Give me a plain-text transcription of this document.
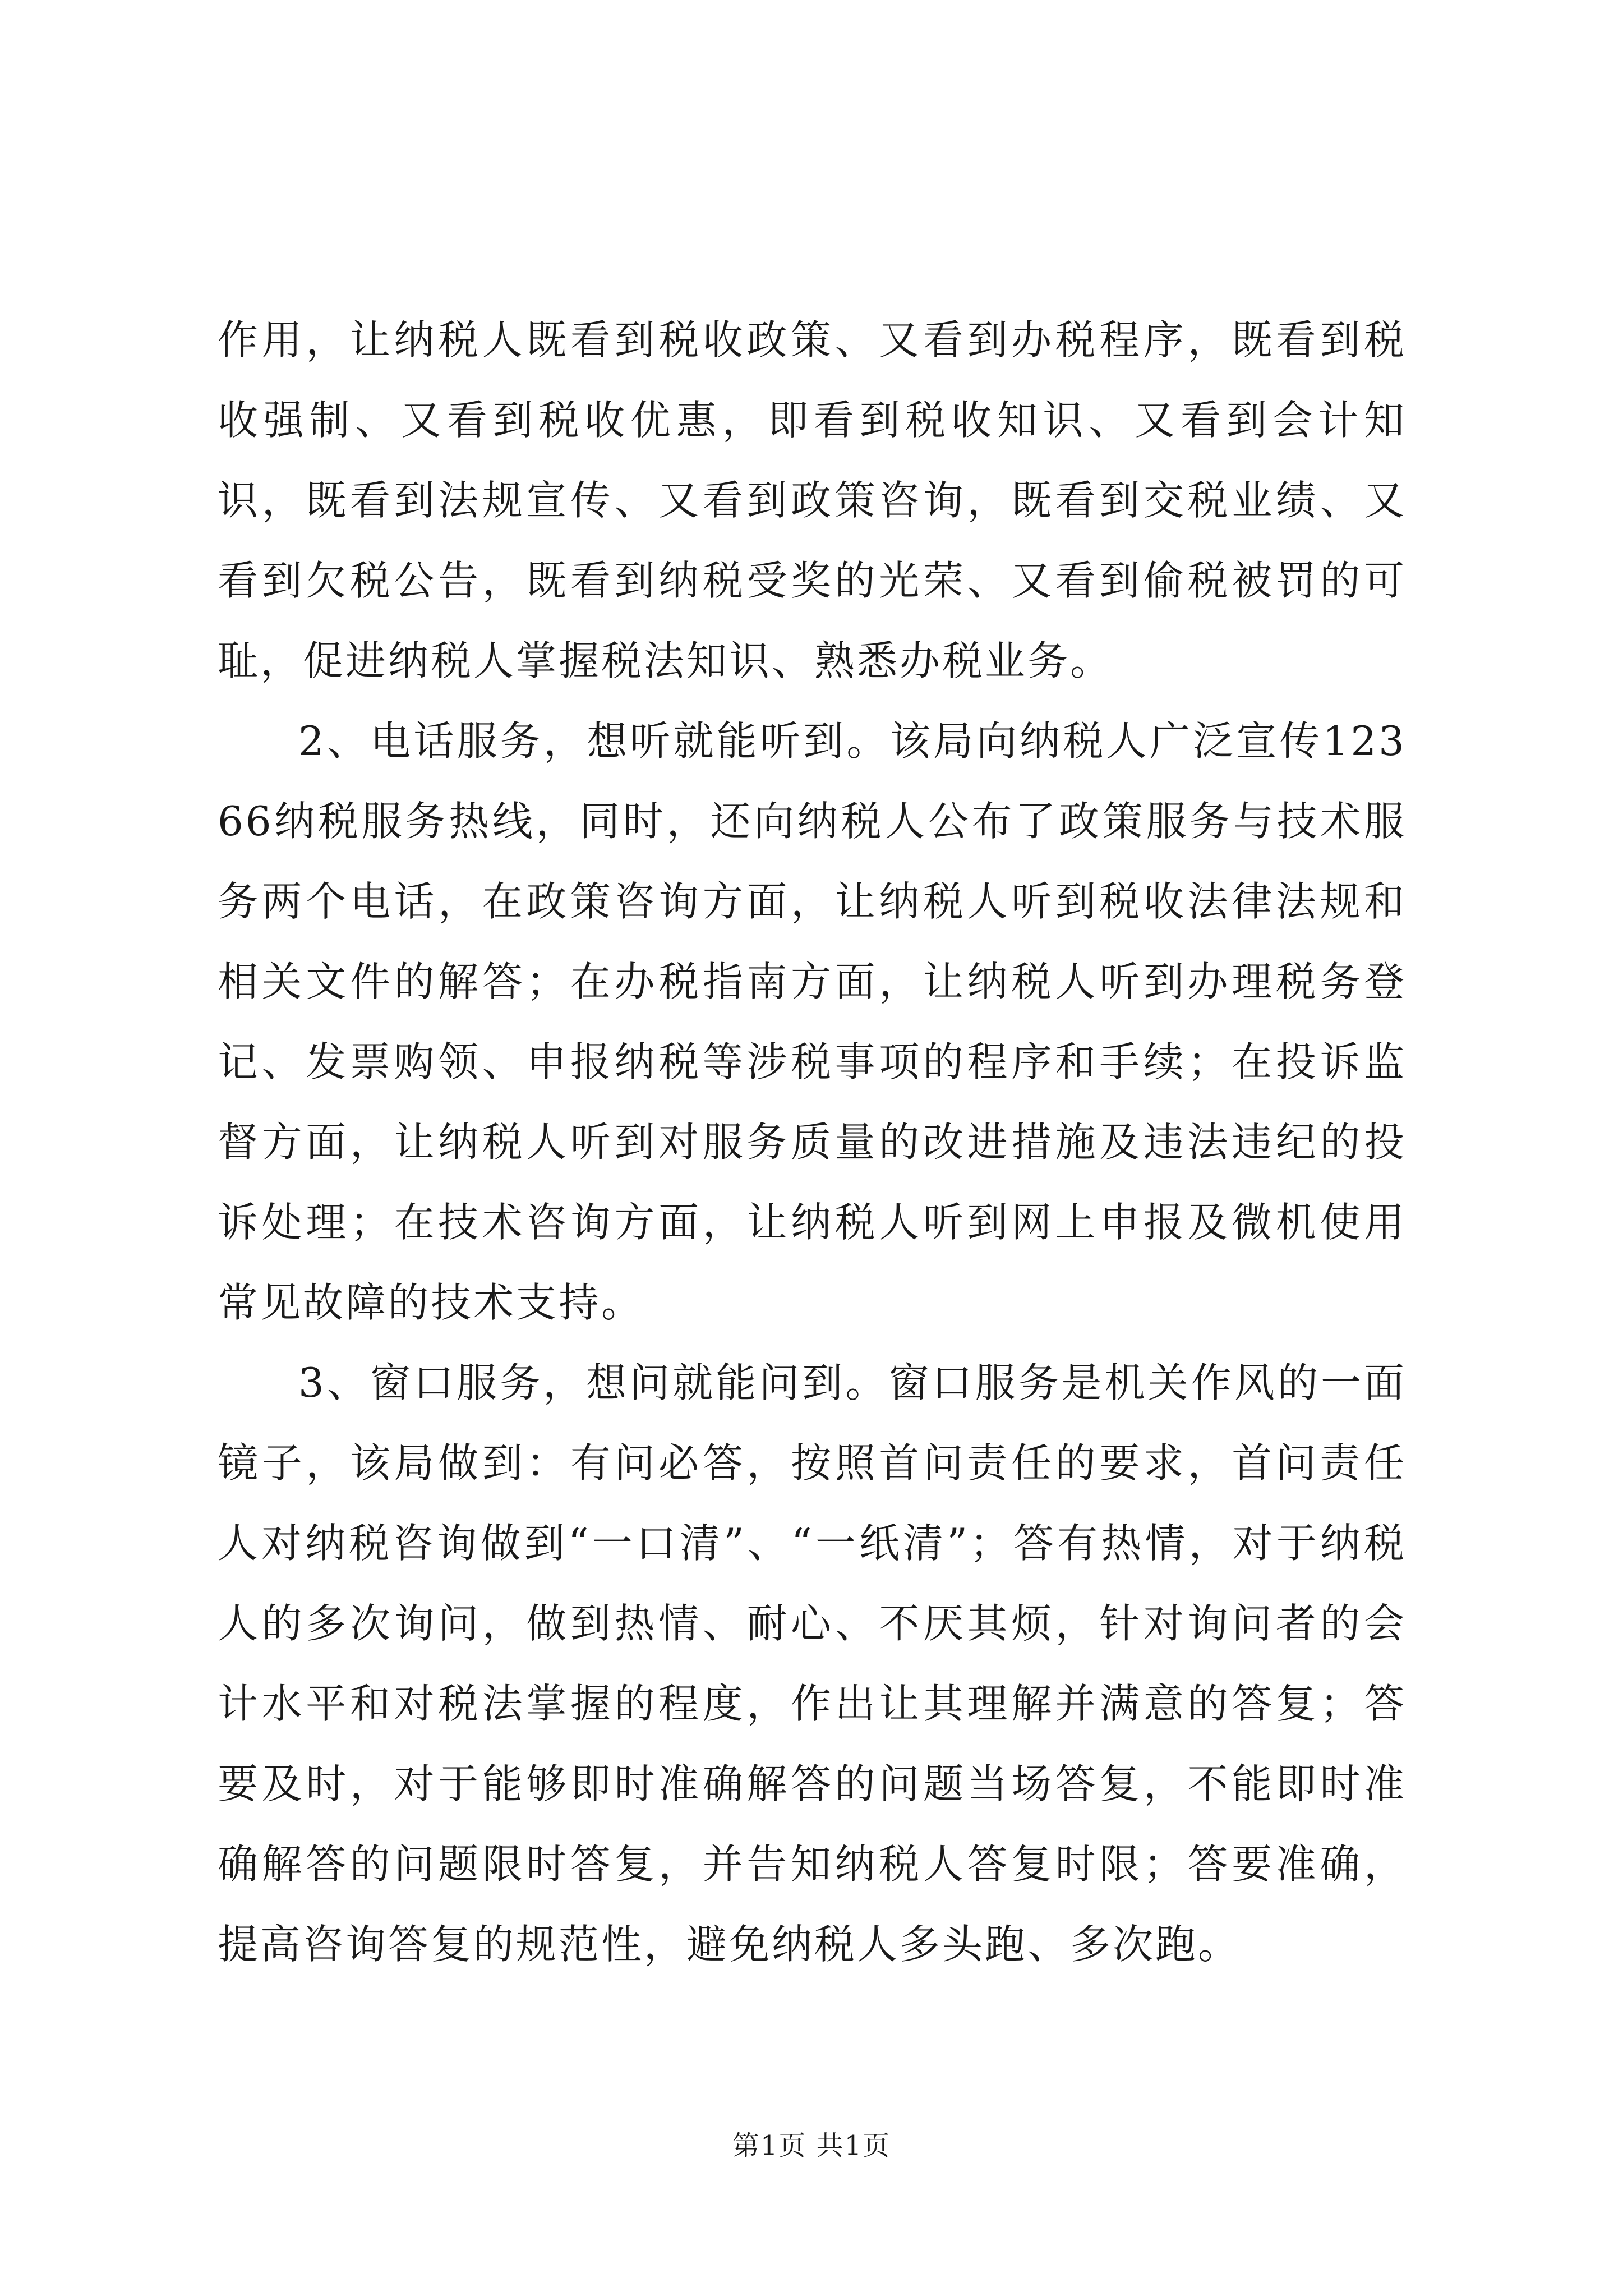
作用，让纳税人既看到税收政策、又看到办税程序，既看到税收强制、又看到税收优惠，即看到税收知识、又看到会计知识，既看到法规宣传、又看到政策咨询，既看到交税业绩、又看到欠税公告，既看到纳税受奖的光荣、又看到偷税被罚的可耻，促进纳税人掌握税法知识、熟悉办税业务。

2、电话服务，想听就能听到。该局向纳税人广泛宣传12366纳税服务热线，同时，还向纳税人公布了政策服务与技术服务两个电话，在政策咨询方面，让纳税人听到税收法律法规和相关文件的解答；在办税指南方面，让纳税人听到办理税务登记、发票购领、申报纳税等涉税事项的程序和手续；在投诉监督方面，让纳税人听到对服务质量的改进措施及违法违纪的投诉处理；在技术咨询方面，让纳税人听到网上申报及微机使用常见故障的技术支持。

3、窗口服务，想问就能问到。窗口服务是机关作风的一面镜子，该局做到：有问必答，按照首问责任的要求，首问责任人对纳税咨询做到“一口清”、“一纸清”；答有热情，对于纳税人的多次询问，做到热情、耐心、不厌其烦，针对询问者的会计水平和对税法掌握的程度，作出让其理解并满意的答复；答要及时，对于能够即时准确解答的问题当场答复，不能即时准确解答的问题限时答复，并告知纳税人答复时限；答要准确，提高咨询答复的规范性，避免纳税人多头跑、多次跑。

第1页 共1页
